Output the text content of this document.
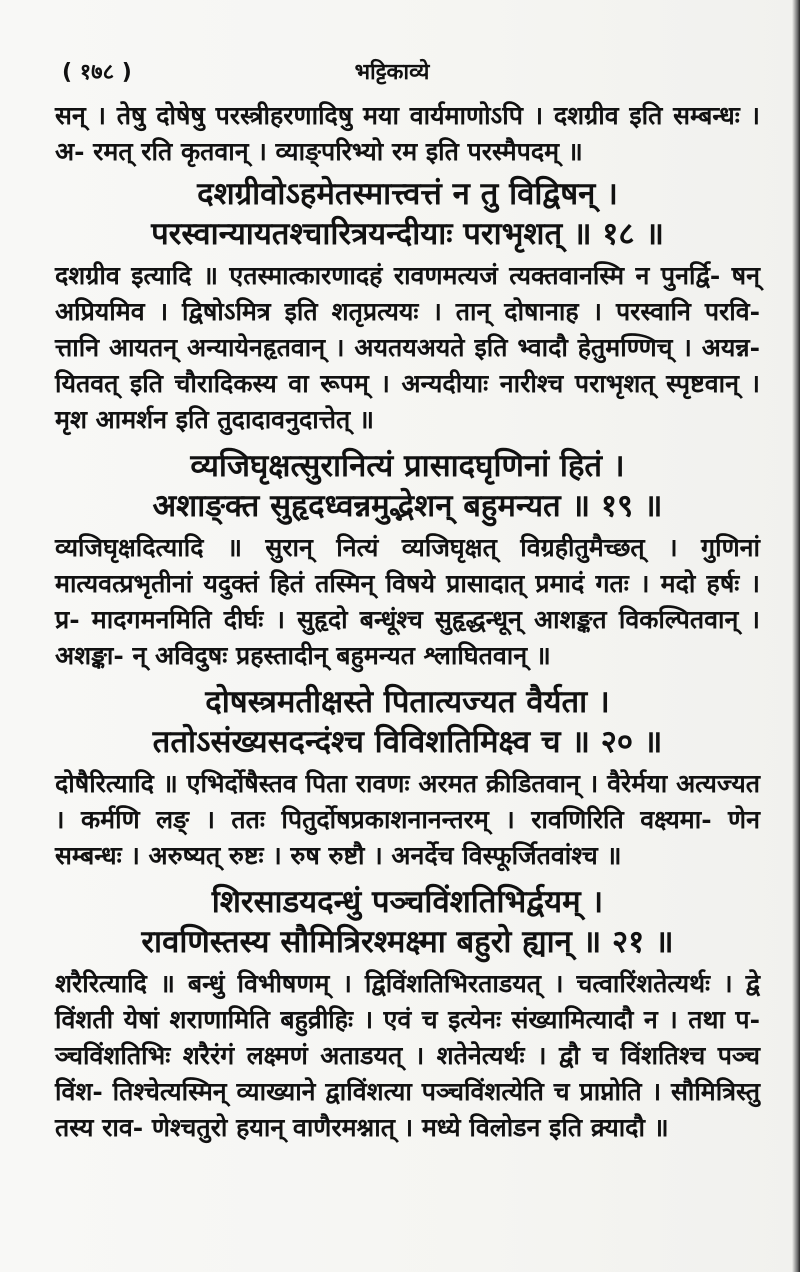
( १७८ )	भट्टिकाव्ये

सन् । तेषु दोषेषु परस्त्रीहरणादिषु मया वार्यमाणोऽपि । दशग्रीव इति सम्बन्धः । अ- रमत् रति कृतवान् । व्याङ्परिभ्यो रम इति परस्मैपदम् ॥

दशग्रीवोऽहमेतस्मात्त्वत्तं न तु विद्विषन् ।

परस्वान्यायतश्चारित्रयन्दीयाः पराभृशत् ॥ १८ ॥

दशग्रीव इत्यादि ॥ एतस्मात्कारणादहं रावणमत्यजं त्यक्तवानस्मि न पुनर्द्वि- षन् अप्रियमिव । द्विषोऽमित्र इति शतृप्रत्ययः । तान् दोषानाह । परस्वानि परवि- त्तानि आयतन् अन्यायेनहृतवान् । अयतयअयते इति भ्वादौ हेतुमण्णिच् । अयन्न- यितवत् इति चौरादिकस्य वा रूपम् । अन्यदीयाः नारीश्च पराभृशत् स्पृष्टवान् । मृश आमर्शन इति तुदादावनुदात्तेत् ॥

व्यजिघृक्षत्सुरानित्यं प्रासादघृणिनां हितं ।

अशाङ्क्त सुहृदध्वन्नमुद्भेशन् बहुमन्यत ॥ १९ ॥

व्यजिघृक्षदित्यादि ॥ सुरान् नित्यं व्यजिघृक्षत् विग्रहीतुमैच्छत् । गुणिनां मात्यवत्प्रभृतीनां यदुक्तं हितं तस्मिन् विषये प्रासादात् प्रमादं गतः । मदो हर्षः । प्र- मादगमनमिति दीर्घः । सुहृदो बन्धूंश्च सुहृद्धन्धून् आशङ्कत विकल्पितवान् । अशङ्का- न् अविदुषः प्रहस्तादीन् बहुमन्यत श्लाघितवान् ॥

दोषस्त्रमतीक्षस्ते पितात्यज्यत वैर्यता ।

ततोऽसंख्यसदन्दंश्च विविशतिमिक्ष्व च ॥ २० ॥

दोषैरित्यादि ॥ एभिर्दोषैस्तव पिता रावणः अरमत क्रीडितवान् । वैरेर्मया अत्यज्यत । कर्मणि लङ् । ततः पितुर्दोषप्रकाशनानन्तरम् । रावणिरिति वक्ष्यमा- णेन सम्बन्धः । अरुष्यत् रुष्टः । रुष रुष्टौ । अनर्देच विस्फूर्जितवांश्च ॥

शिरसाडयदन्धुं पञ्चविंशतिभिर्द्वयम् ।

रावणिस्तस्य सौमित्रिरश्मक्ष्मा बहुरो ह्यान् ॥ २१ ॥

शरैरित्यादि ॥ बन्धुं विभीषणम् । द्विविंशतिभिरताडयत् । चत्वारिंशतेत्यर्थः । द्वे विंशती येषां शराणामिति बहुव्रीहिः । एवं च इत्येनः संख्यामित्यादौ न । तथा प- ञ्चविंशतिभिः शरैरंगं लक्ष्मणं अताडयत् । शतेनेत्यर्थः । द्वौ च विंशतिश्च पञ्च विंश- तिश्चेत्यस्मिन् व्याख्याने द्वाविंशत्या पञ्चविंशत्येति च प्राप्नोति । सौमित्रिस्तु तस्य राव- णेश्चतुरो हयान् वाणैरमश्नात् । मध्ये विलोडन इति क्र्यादौ ॥
